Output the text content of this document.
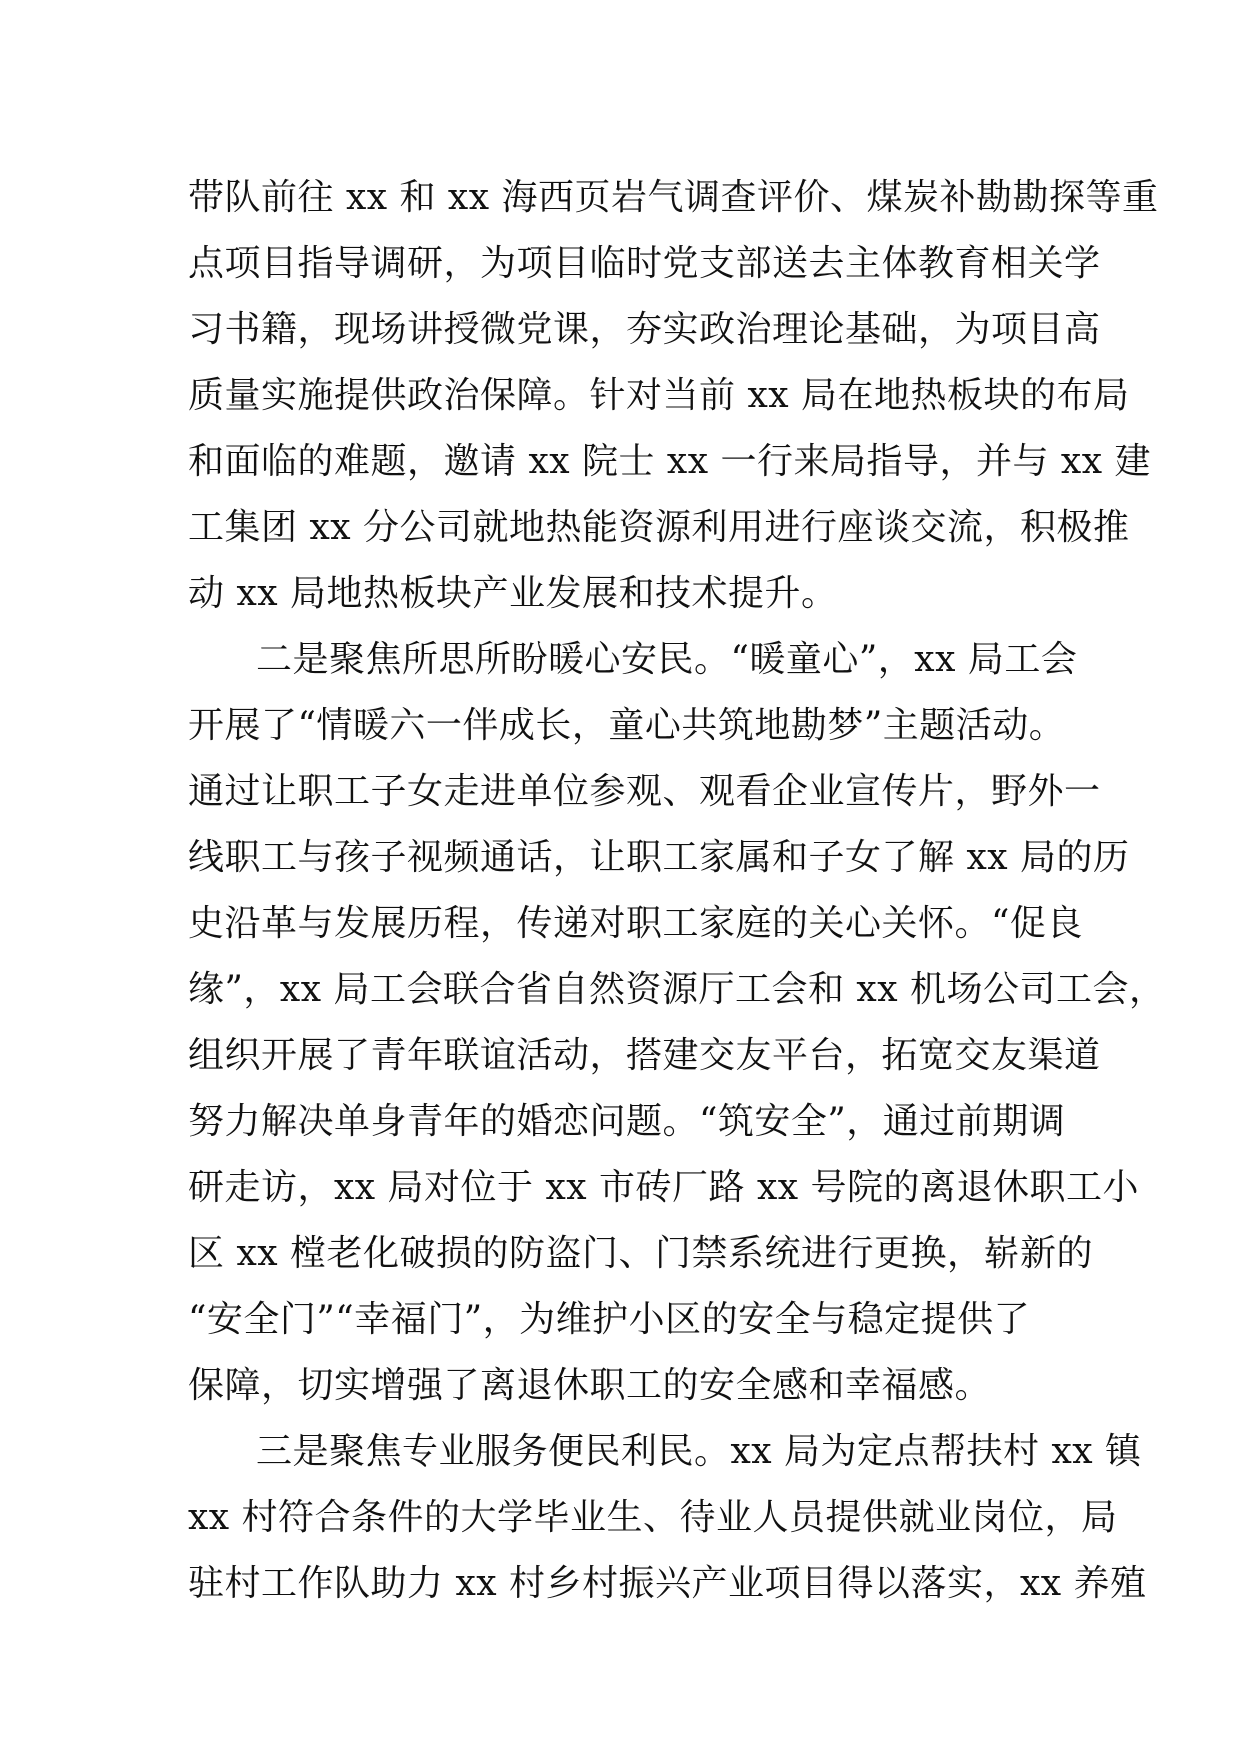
带队前往 xx 和 xx 海西页岩气调查评价、煤炭补勘勘探等重
点项目指导调研，为项目临时党支部送去主体教育相关学
习书籍，现场讲授微党课，夯实政治理论基础，为项目高
质量实施提供政治保障。针对当前 xx 局在地热板块的布局
和面临的难题，邀请 xx 院士 xx 一行来局指导，并与 xx 建
工集团 xx 分公司就地热能资源利用进行座谈交流，积极推
动 xx 局地热板块产业发展和技术提升。
二是聚焦所思所盼暖心安民。“暖童心”，xx 局工会
开展了“情暖六一伴成长，童心共筑地勘梦”主题活动。
通过让职工子女走进单位参观、观看企业宣传片，野外一
线职工与孩子视频通话，让职工家属和子女了解 xx 局的历
史沿革与发展历程，传递对职工家庭的关心关怀。“促良
缘”，xx 局工会联合省自然资源厅工会和 xx 机场公司工会，
组织开展了青年联谊活动，搭建交友平台，拓宽交友渠道
努力解决单身青年的婚恋问题。“筑安全”，通过前期调
研走访，xx 局对位于 xx 市砖厂路 xx 号院的离退休职工小
区 xx 樘老化破损的防盗门、门禁系统进行更换，崭新的
“安全门”“幸福门”，为维护小区的安全与稳定提供了
保障，切实增强了离退休职工的安全感和幸福感。
三是聚焦专业服务便民利民。xx 局为定点帮扶村 xx 镇
xx 村符合条件的大学毕业生、待业人员提供就业岗位，局
驻村工作队助力 xx 村乡村振兴产业项目得以落实，xx 养殖
